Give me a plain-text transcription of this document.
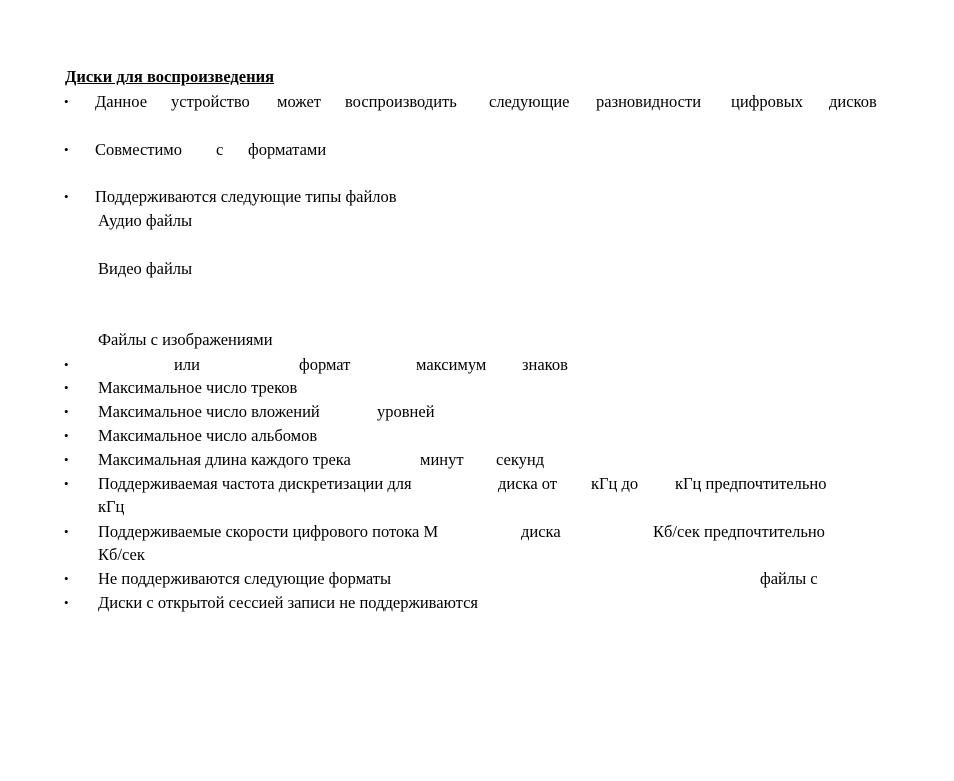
Диски для воспроизведения
• Данное устройство может воспроизводить следующие разновидности цифровых дисков
• Совместимо с форматами
• Поддерживаются следующие типы файлов
Аудио файлы
Видео файлы
Файлы с изображениями
•	или	формат	максимум знаков
• Максимальное число треков
• Максимальное число вложений	уровней
• Максимальное число альбомов
• Максимальная длина каждого трека	минут секунд
• Поддерживаемая частота дискретизации для	диска от кГц до кГц предпочтительно
кГц
• Поддерживаемые скорости цифрового потока M	диска	Кб/сек предпочтительно
Кб/сек
• Не поддерживаются следующие форматы	файлы с
• Диски с открытой сессией записи не поддерживаются
